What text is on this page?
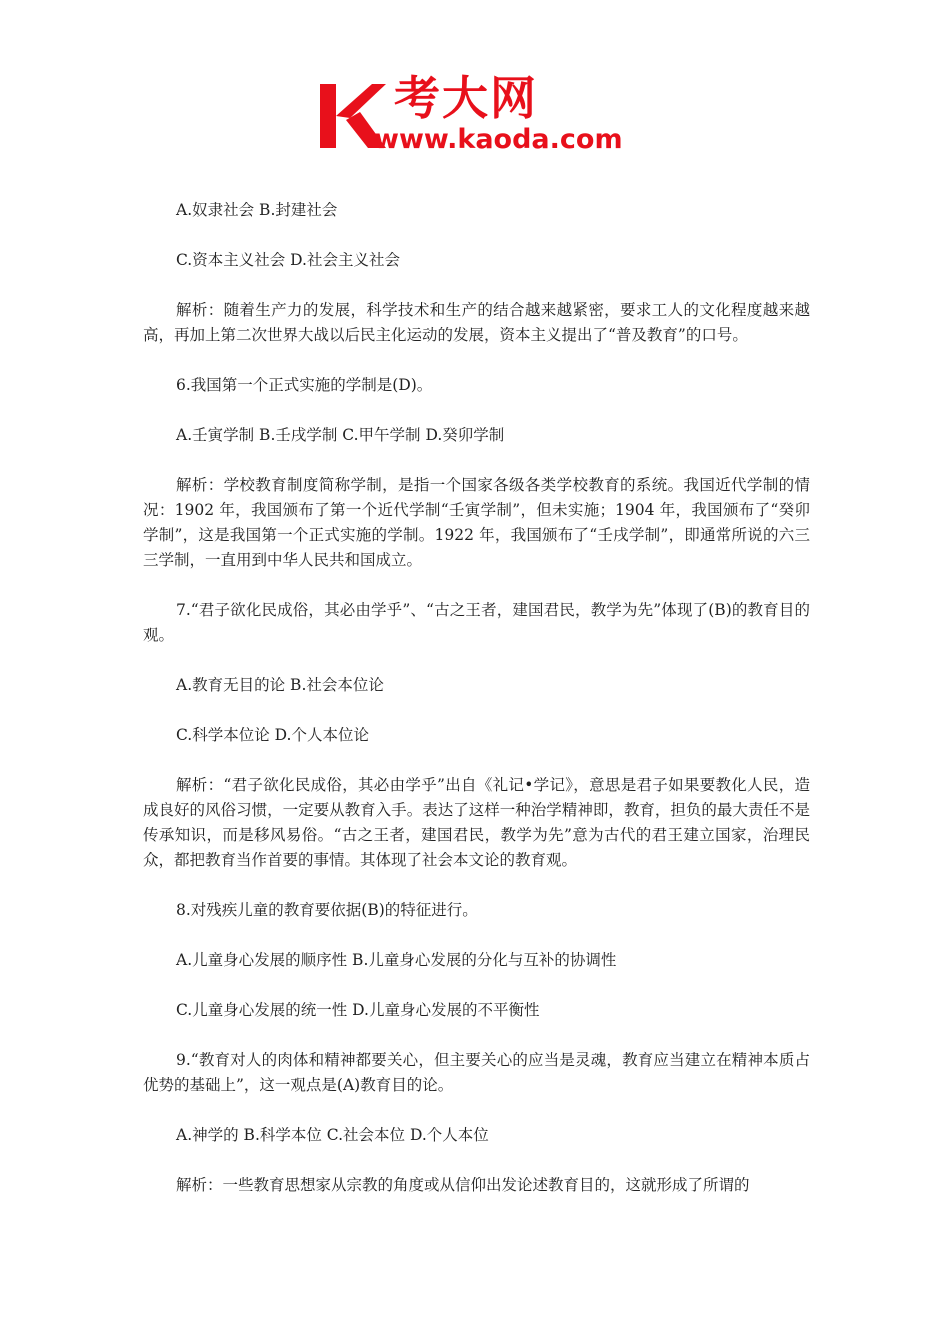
考大网
www.kaoda.com

A.奴隶社会 B.封建社会

C.资本主义社会 D.社会主义社会

解析：随着生产力的发展，科学技术和生产的结合越来越紧密，要求工人的文化程度越来越高，再加上第二次世界大战以后民主化运动的发展，资本主义提出了“普及教育”的口号。

6.我国第一个正式实施的学制是(D)。

A.壬寅学制 B.壬戌学制 C.甲午学制 D.癸卯学制

解析：学校教育制度简称学制，是指一个国家各级各类学校教育的系统。我国近代学制的情况：1902 年，我国颁布了第一个近代学制“壬寅学制”，但未实施；1904 年，我国颁布了“癸卯学制”，这是我国第一个正式实施的学制。1922 年，我国颁布了“壬戌学制”，即通常所说的六三三学制，一直用到中华人民共和国成立。

7.“君子欲化民成俗，其必由学乎”、“古之王者，建国君民，教学为先”体现了(B)的教育目的观。

A.教育无目的论 B.社会本位论

C.科学本位论 D.个人本位论

解析：“君子欲化民成俗，其必由学乎”出自《礼记•学记》，意思是君子如果要教化人民，造成良好的风俗习惯，一定要从教育入手。表达了这样一种治学精神即，教育，担负的最大责任不是传承知识，而是移风易俗。“古之王者，建国君民，教学为先”意为古代的君王建立国家，治理民众，都把教育当作首要的事情。其体现了社会本文论的教育观。

8.对残疾儿童的教育要依据(B)的特征进行。

A.儿童身心发展的顺序性 B.儿童身心发展的分化与互补的协调性

C.儿童身心发展的统一性 D.儿童身心发展的不平衡性

9.“教育对人的肉体和精神都要关心，但主要关心的应当是灵魂，教育应当建立在精神本质占优势的基础上”，这一观点是(A)教育目的论。

A.神学的 B.科学本位 C.社会本位 D.个人本位

解析：一些教育思想家从宗教的角度或从信仰出发论述教育目的，这就形成了所谓的
